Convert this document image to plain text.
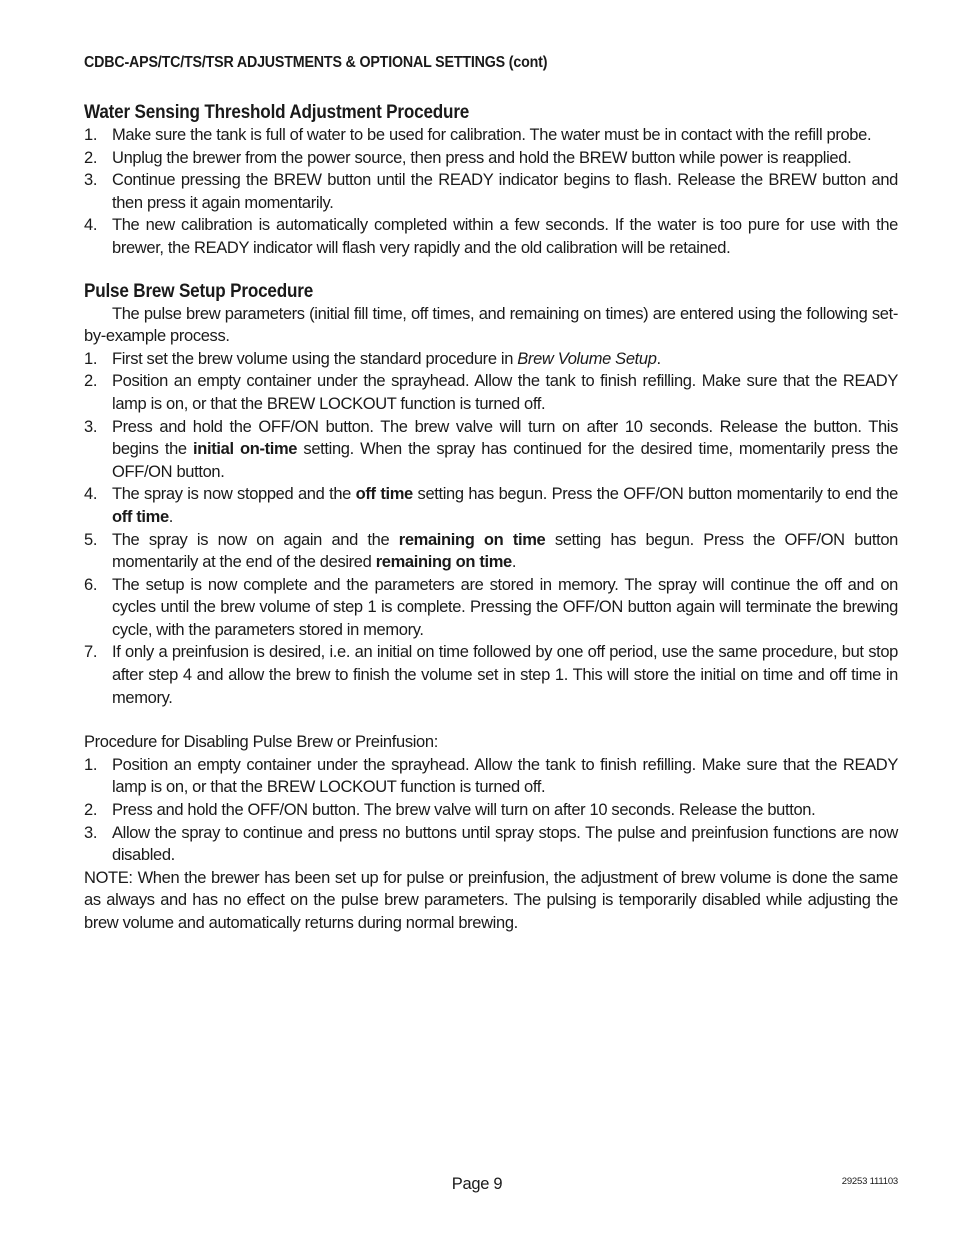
CDBC-APS/TC/TS/TSR ADJUSTMENTS & OPTIONAL SETTINGS (cont)
Water Sensing Threshold Adjustment Procedure
1. Make sure the tank is full of water to be used for calibration. The water must be in contact with the refill probe.
2. Unplug the brewer from the power source, then press and hold the BREW button while power is reapplied.
3. Continue pressing the BREW button until the READY indicator begins to flash. Release the BREW button and then press it again momentarily.
4. The new calibration is automatically completed within a few seconds. If the water is too pure for use with the brewer, the READY indicator will flash very rapidly and the old calibration will be retained.
Pulse Brew Setup Procedure
The pulse brew parameters (initial fill time, off times, and remaining on times) are entered using the following set-by-example process.
1. First set the brew volume using the standard procedure in Brew Volume Setup.
2. Position an empty container under the sprayhead. Allow the tank to finish refilling. Make sure that the READY lamp is on, or that the BREW LOCKOUT function is turned off.
3. Press and hold the OFF/ON button. The brew valve will turn on after 10 seconds. Release the button. This begins the initial on-time setting. When the spray has continued for the desired time, momentarily press the OFF/ON button.
4. The spray is now stopped and the off time setting has begun. Press the OFF/ON button momentarily to end the off time.
5. The spray is now on again and the remaining on time setting has begun. Press the OFF/ON button momentarily at the end of the desired remaining on time.
6. The setup is now complete and the parameters are stored in memory. The spray will continue the off and on cycles until the brew volume of step 1 is complete. Pressing the OFF/ON button again will terminate the brewing cycle, with the parameters stored in memory.
7. If only a preinfusion is desired, i.e. an initial on time followed by one off period, use the same procedure, but stop after step 4 and allow the brew to finish the volume set in step 1. This will store the initial on time and off time in memory.
Procedure for Disabling Pulse Brew or Preinfusion:
1. Position an empty container under the sprayhead. Allow the tank to finish refilling. Make sure that the READY lamp is on, or that the BREW LOCKOUT function is turned off.
2. Press and hold the OFF/ON button. The brew valve will turn on after 10 seconds. Release the button.
3. Allow the spray to continue and press no buttons until spray stops. The pulse and preinfusion functions are now disabled.
NOTE: When the brewer has been set up for pulse or preinfusion, the adjustment of brew volume is done the same as always and has no effect on the pulse brew parameters. The pulsing is temporarily disabled while adjusting the brew volume and automatically returns during normal brewing.
Page 9	29253 111103
